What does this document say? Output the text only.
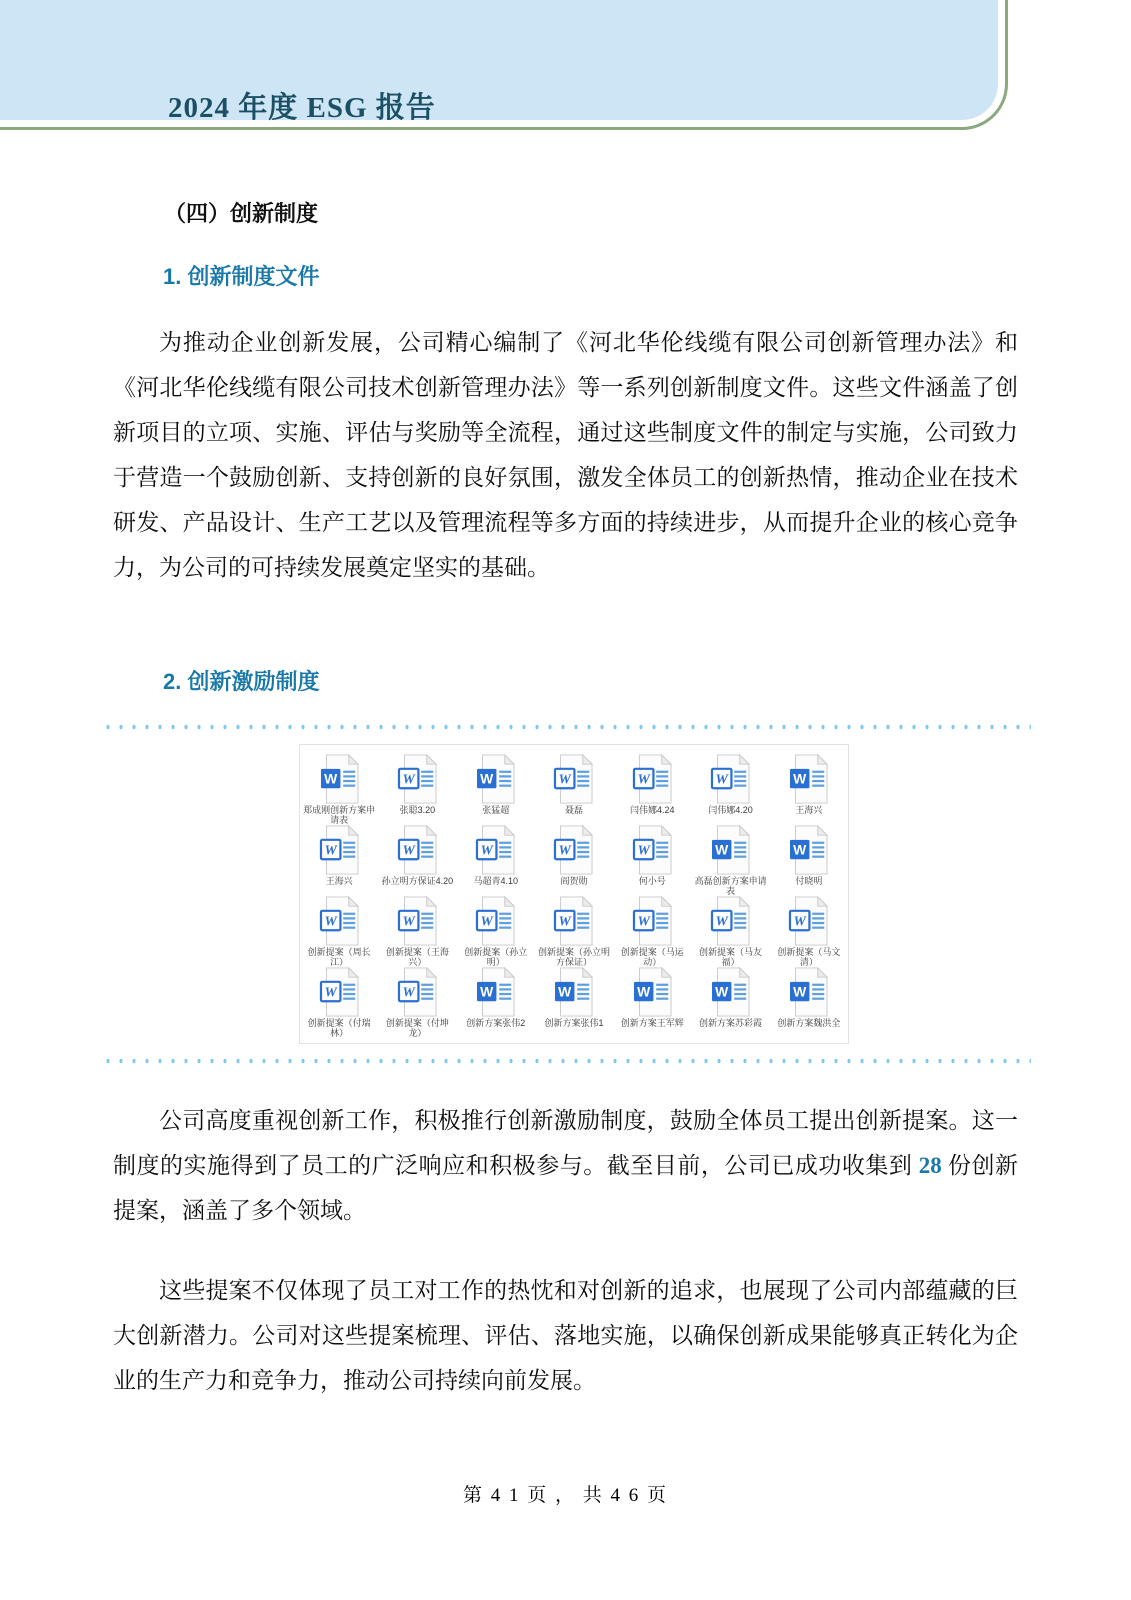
2024 年度 ESG 报告
（四）创新制度
1. 创新制度文件

为推动企业创新发展，公司精心编制了《河北华伦线缆有限公司创新管理办法》和《河北华伦线缆有限公司技术创新管理办法》等一系列创新制度文件。这些文件涵盖了创新项目的立项、实施、评估与奖励等全流程，通过这些制度文件的制定与实施，公司致力于营造一个鼓励创新、支持创新的良好氛围，激发全体员工的创新热情，推动企业在技术研发、产品设计、生产工艺以及管理流程等多方面的持续进步，从而提升企业的核心竞争力，为公司的可持续发展奠定坚实的基础。

2. 创新激励制度
W
郑成刚创新方案申请表
W
张聪3.20
W
张猛超
W
聂磊
W
闫伟娜4.24
W
闫伟娜4.20
W
王海兴
W
王海兴
W
孙立明方保证4.20
W
马超青4.10
W
阎贺勋
W
何小号
W
高磊创新方案申请表
W
付晓明
W
创新提案（周长江）
W
创新提案（王海兴）
W
创新提案（孙立明）
W
创新提案（孙立明 方保证）
W
创新提案（马运动）
W
创新提案（马友福）
W
创新提案（马文清）
W
创新提案（付瑞林）
W
创新提案（付坤龙）
W
创新方案张伟2
W
创新方案张伟1
W
创新方案王军辉
W
创新方案苏彩霞
W
创新方案魏洪全

公司高度重视创新工作，积极推行创新激励制度，鼓励全体员工提出创新提案。这一制度的实施得到了员工的广泛响应和积极参与。截至目前，公司已成功收集到 28 份创新提案，涵盖了多个领域。

这些提案不仅体现了员工对工作的热忱和对创新的追求，也展现了公司内部蕴藏的巨大创新潜力。公司对这些提案梳理、评估、落地实施，以确保创新成果能够真正转化为企业的生产力和竞争力，推动公司持续向前发展。

第 4 1 页 ， 共 4 6 页
